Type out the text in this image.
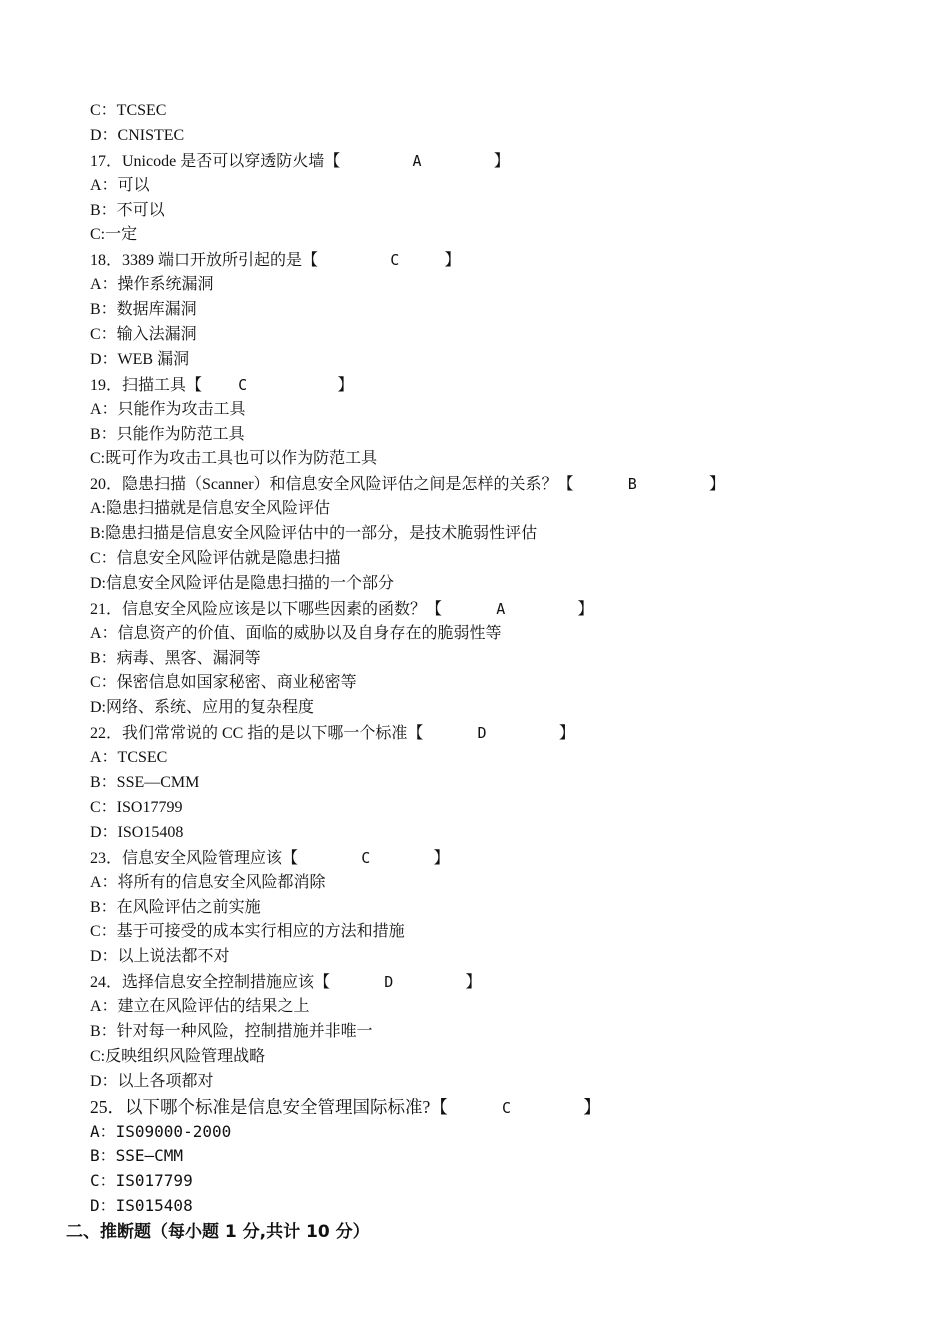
C：TCSEC
D：CNISTEC
17．Unicode 是否可以穿透防火墙【        A        】
A：可以
B：不可以
C:一定
18．3389 端口开放所引起的是【        C     】
A：操作系统漏洞
B：数据库漏洞
C：输入法漏洞
D：WEB 漏洞
19．扫描工具【    C          】
A：只能作为攻击工具
B：只能作为防范工具
C:既可作为攻击工具也可以作为防范工具
20．隐患扫描（Scanner）和信息安全风险评估之间是怎样的关系？【      B        】
A:隐患扫描就是信息安全风险评估
B:隐患扫描是信息安全风险评估中的一部分，是技术脆弱性评估
C：信息安全风险评估就是隐患扫描
D:信息安全风险评估是隐患扫描的一个部分
21．信息安全风险应该是以下哪些因素的函数？【      A        】
A：信息资产的价值、面临的威胁以及自身存在的脆弱性等
B：病毒、黑客、漏洞等
C：保密信息如国家秘密、商业秘密等
D:网络、系统、应用的复杂程度
22．我们常常说的 CC 指的是以下哪一个标准【      D        】
A：TCSEC
B：SSE—CMM
C：ISO17799
D：ISO15408
23．信息安全风险管理应该【       C       】
A：将所有的信息安全风险都消除
B：在风险评估之前实施
C：基于可接受的成本实行相应的方法和措施
D：以上说法都不对
24．选择信息安全控制措施应该【      D        】
A：建立在风险评估的结果之上
B：针对每一种风险，控制措施并非唯一
C:反映组织风险管理战略
D：以上各项都对
25．以下哪个标准是信息安全管理国际标准?【      C        】
A：IS09000-2000
B：SSE—CMM
C：IS017799
D：IS015408
二、推断题（每小题 1 分,共计 10 分）
